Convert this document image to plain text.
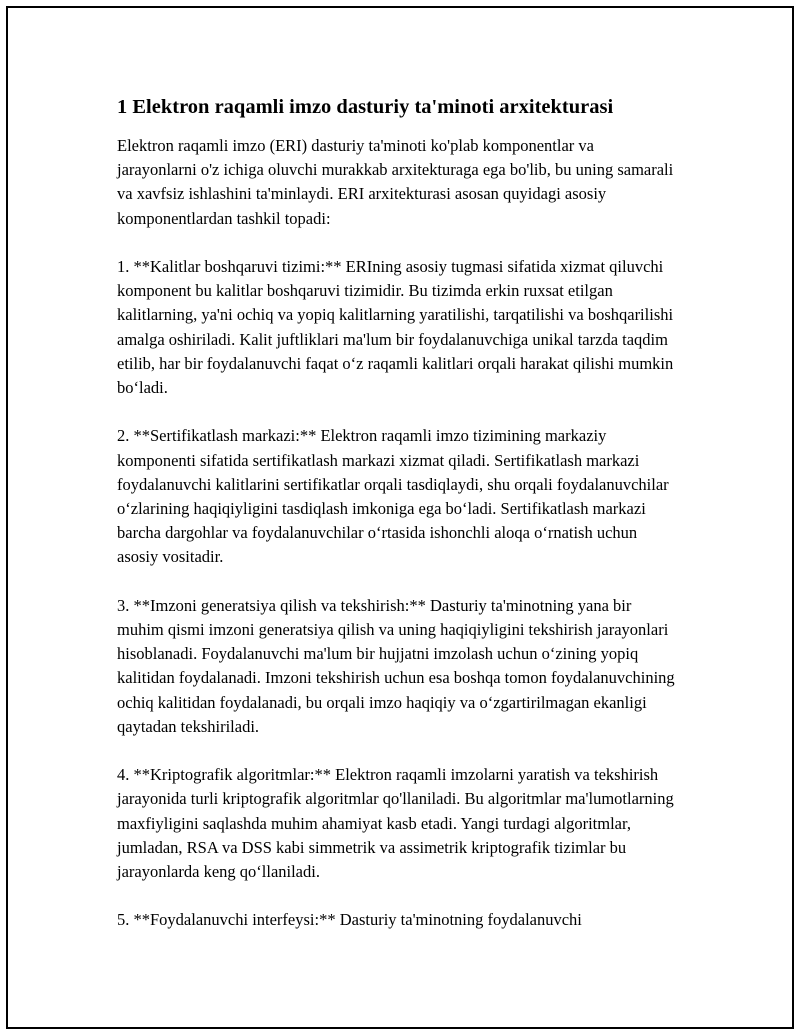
1 Elektron raqamli imzo dasturiy ta'minoti arxitekturasi

Elektron raqamli imzo (ERI) dasturiy ta'minoti ko'plab komponentlar va jarayonlarni o'z ichiga oluvchi murakkab arxitekturaga ega bo'lib, bu uning samarali va xavfsiz ishlashini ta'minlaydi. ERI arxitekturasi asosan quyidagi asosiy komponentlardan tashkil topadi:

1. **Kalitlar boshqaruvi tizimi:** ERIning asosiy tugmasi sifatida xizmat qiluvchi komponent bu kalitlar boshqaruvi tizimidir. Bu tizimda erkin ruxsat etilgan kalitlarning, ya'ni ochiq va yopiq kalitlarning yaratilishi, tarqatilishi va boshqarilishi amalga oshiriladi. Kalit juftliklari ma'lum bir foydalanuvchiga unikal tarzda taqdim etilib, har bir foydalanuvchi faqat o‘z raqamli kalitlari orqali harakat qilishi mumkin bo‘ladi.

2. **Sertifikatlash markazi:** Elektron raqamli imzo tizimining markaziy komponenti sifatida sertifikatlash markazi xizmat qiladi. Sertifikatlash markazi foydalanuvchi kalitlarini sertifikatlar orqali tasdiqlaydi, shu orqali foydalanuvchilar o‘zlarining haqiqiyligini tasdiqlash imkoniga ega bo‘ladi. Sertifikatlash markazi barcha dargohlar va foydalanuvchilar o‘rtasida ishonchli aloqa o‘rnatish uchun asosiy vositadir.

3. **Imzoni generatsiya qilish va tekshirish:** Dasturiy ta'minotning yana bir muhim qismi imzoni generatsiya qilish va uning haqiqiyligini tekshirish jarayonlari hisoblanadi. Foydalanuvchi ma'lum bir hujjatni imzolash uchun o‘zining yopiq kalitidan foydalanadi. Imzoni tekshirish uchun esa boshqa tomon foydalanuvchining ochiq kalitidan foydalanadi, bu orqali imzo haqiqiy va o‘zgartirilmagan ekanligi qaytadan tekshiriladi.

4. **Kriptografik algoritmlar:** Elektron raqamli imzolarni yaratish va tekshirish jarayonida turli kriptografik algoritmlar qo'llaniladi. Bu algoritmlar ma'lumotlarning maxfiyligini saqlashda muhim ahamiyat kasb etadi. Yangi turdagi algoritmlar, jumladan, RSA va DSS kabi simmetrik va assimetrik kriptografik tizimlar bu jarayonlarda keng qo‘llaniladi.

5. **Foydalanuvchi interfeysi:** Dasturiy ta'minotning foydalanuvchi
